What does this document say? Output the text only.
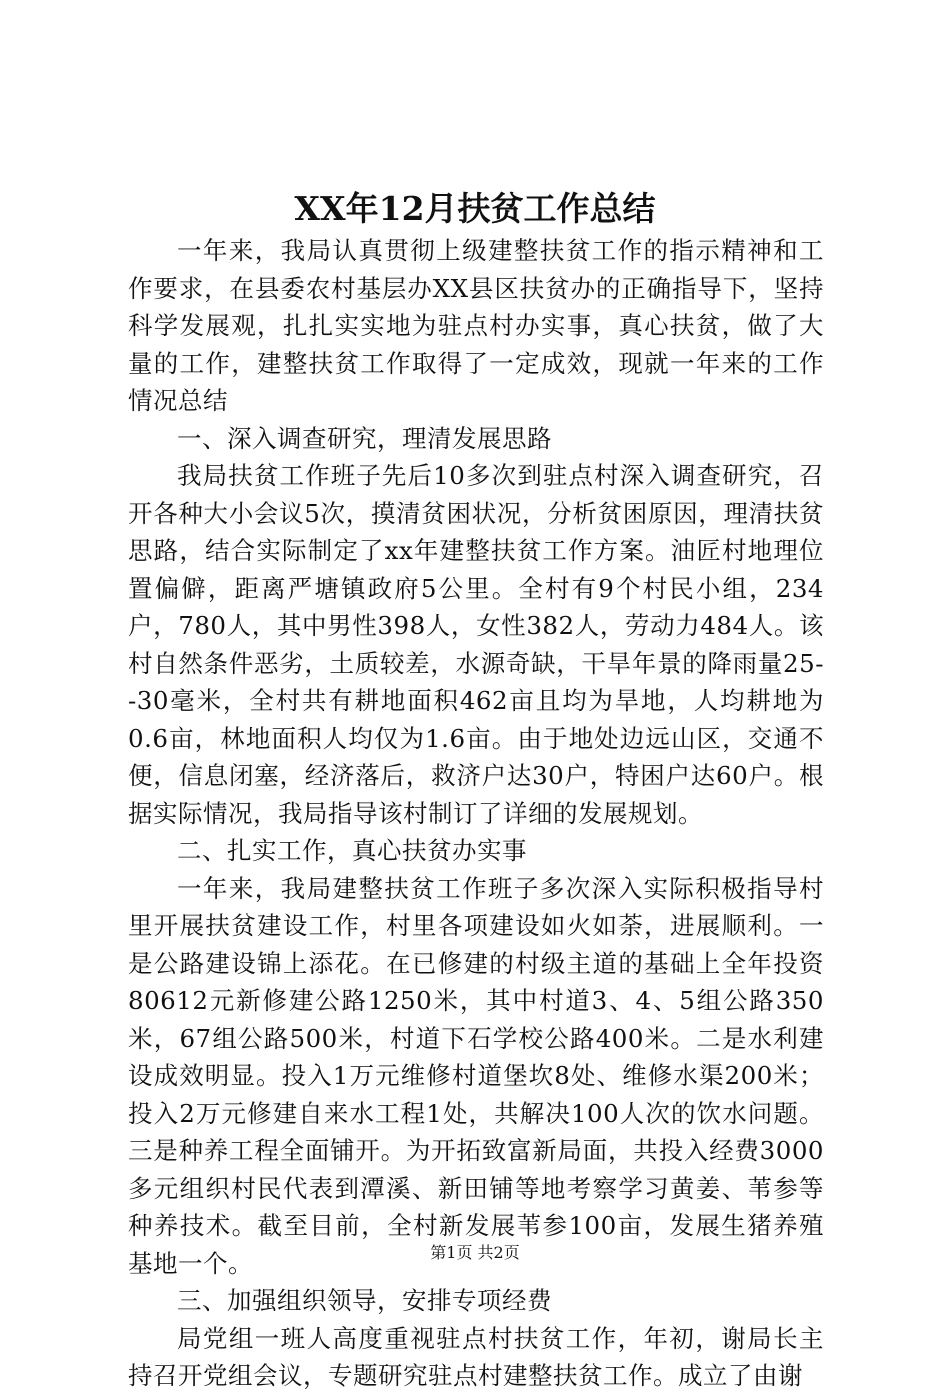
XX年12月扶贫工作总结

一年来，我局认真贯彻上级建整扶贫工作的指示精神和工作要求，在县委农村基层办XX县区扶贫办的正确指导下，坚持科学发展观，扎扎实实地为驻点村办实事，真心扶贫，做了大量的工作，建整扶贫工作取得了一定成效，现就一年来的工作情况总结

一、深入调查研究，理清发展思路

我局扶贫工作班子先后10多次到驻点村深入调查研究，召开各种大小会议5次，摸清贫困状况，分析贫困原因，理清扶贫思路，结合实际制定了xx年建整扶贫工作方案。油匠村地理位置偏僻，距离严塘镇政府5公里。全村有9个村民小组，234户，780人，其中男性398人，女性382人，劳动力484人。该村自然条件恶劣，土质较差，水源奇缺，干旱年景的降雨量25--30毫米，全村共有耕地面积462亩且均为旱地，人均耕地为0.6亩，林地面积人均仅为1.6亩。由于地处边远山区，交通不便，信息闭塞，经济落后，救济户达30户，特困户达60户。根据实际情况，我局指导该村制订了详细的发展规划。

二、扎实工作，真心扶贫办实事

一年来，我局建整扶贫工作班子多次深入实际积极指导村里开展扶贫建设工作，村里各项建设如火如荼，进展顺利。一是公路建设锦上添花。在已修建的村级主道的基础上全年投资80612元新修建公路1250米，其中村道3、4、5组公路350米，67组公路500米，村道下石学校公路400米。二是水利建设成效明显。投入1万元维修村道堡坎8处、维修水渠200米；投入2万元修建自来水工程1处，共解决100人次的饮水问题。三是种养工程全面铺开。为开拓致富新局面，共投入经费3000多元组织村民代表到潭溪、新田铺等地考察学习黄姜、苇参等种养技术。截至目前，全村新发展苇参100亩，发展生猪养殖基地一个。

三、加强组织领导，安排专项经费

局党组一班人高度重视驻点村扶贫工作，年初，谢局长主持召开党组会议，专题研究驻点村建整扶贫工作。成立了由谢

第1页 共2页
